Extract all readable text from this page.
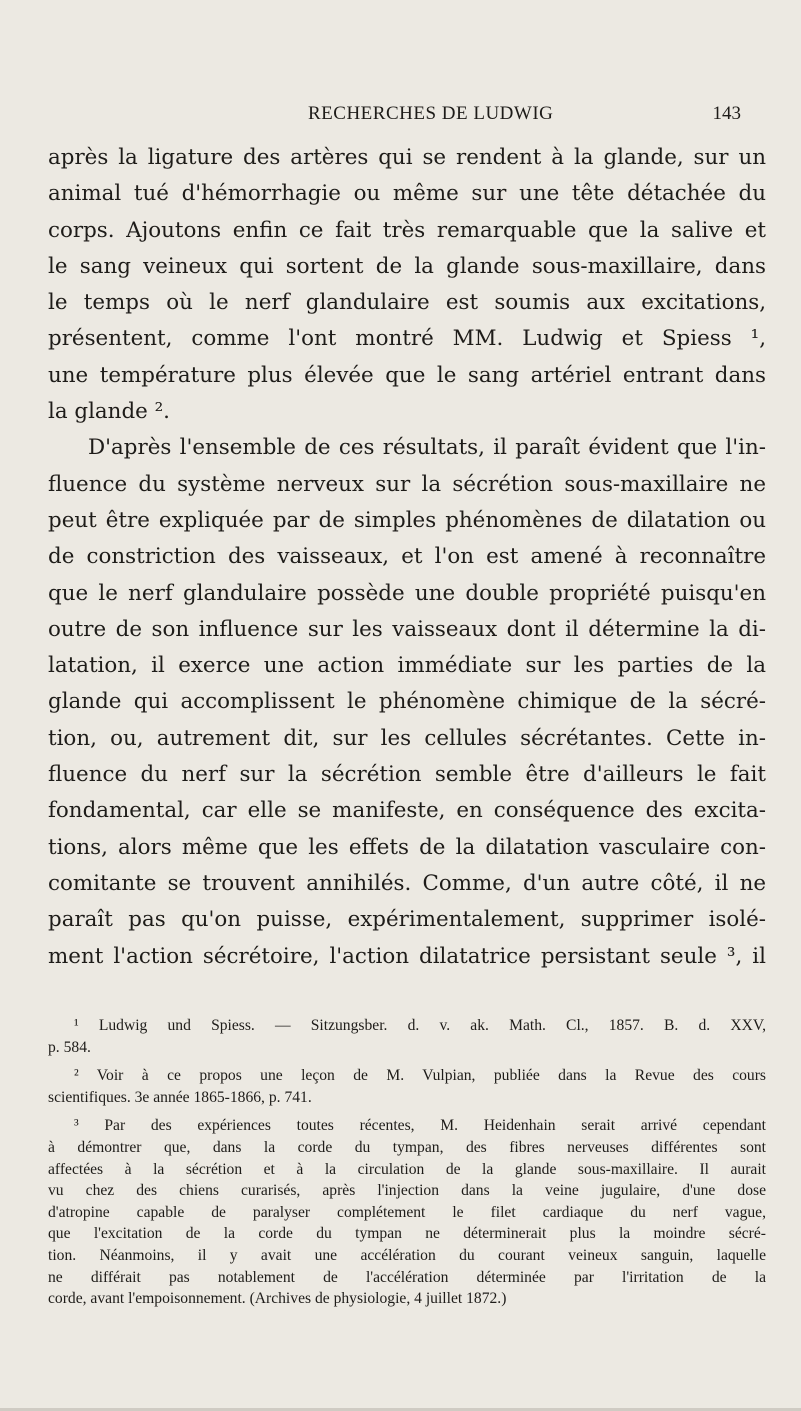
RECHERCHES DE LUDWIG	143
après la ligature des artères qui se rendent à la glande, sur un
animal tué d'hémorrhagie ou même sur une tête détachée du
corps. Ajoutons enfin ce fait très remarquable que la salive et
le sang veineux qui sortent de la glande sous-maxillaire, dans
le temps où le nerf glandulaire est soumis aux excitations,
présentent, comme l'ont montré MM. Ludwig et Spiess ¹,
une température plus élevée que le sang artériel entrant dans
la glande ².
D'après l'ensemble de ces résultats, il paraît évident que l'in-
fluence du système nerveux sur la sécrétion sous-maxillaire ne
peut être expliquée par de simples phénomènes de dilatation ou
de constriction des vaisseaux, et l'on est amené à reconnaître
que le nerf glandulaire possède une double propriété puisqu'en
outre de son influence sur les vaisseaux dont il détermine la di-
latation, il exerce une action immédiate sur les parties de la
glande qui accomplissent le phénomène chimique de la sécré-
tion, ou, autrement dit, sur les cellules sécrétantes. Cette in-
fluence du nerf sur la sécrétion semble être d'ailleurs le fait
fondamental, car elle se manifeste, en conséquence des excita-
tions, alors même que les effets de la dilatation vasculaire con-
comitante se trouvent annihilés. Comme, d'un autre côté, il ne
paraît pas qu'on puisse, expérimentalement, supprimer isolé-
ment l'action sécrétoire, l'action dilatatrice persistant seule ³, il
¹ Ludwig und Spiess. — Sitzungsber. d. v. ak. Math. Cl., 1857. B. d. XXV,
p. 584.
² Voir à ce propos une leçon de M. Vulpian, publiée dans la Revue des cours
scientifiques. 3e année 1865-1866, p. 741.
³ Par des expériences toutes récentes, M. Heidenhain serait arrivé cependant
à démontrer que, dans la corde du tympan, des fibres nerveuses différentes sont
affectées à la sécrétion et à la circulation de la glande sous-maxillaire. Il aurait
vu chez des chiens curarisés, après l'injection dans la veine jugulaire, d'une dose
d'atropine capable de paralyser complétement le filet cardiaque du nerf vague,
que l'excitation de la corde du tympan ne déterminerait plus la moindre sécré-
tion. Néanmoins, il y avait une accélération du courant veineux sanguin, laquelle
ne différait pas notablement de l'accélération déterminée par l'irritation de la
corde, avant l'empoisonnement. (Archives de physiologie, 4 juillet 1872.)
